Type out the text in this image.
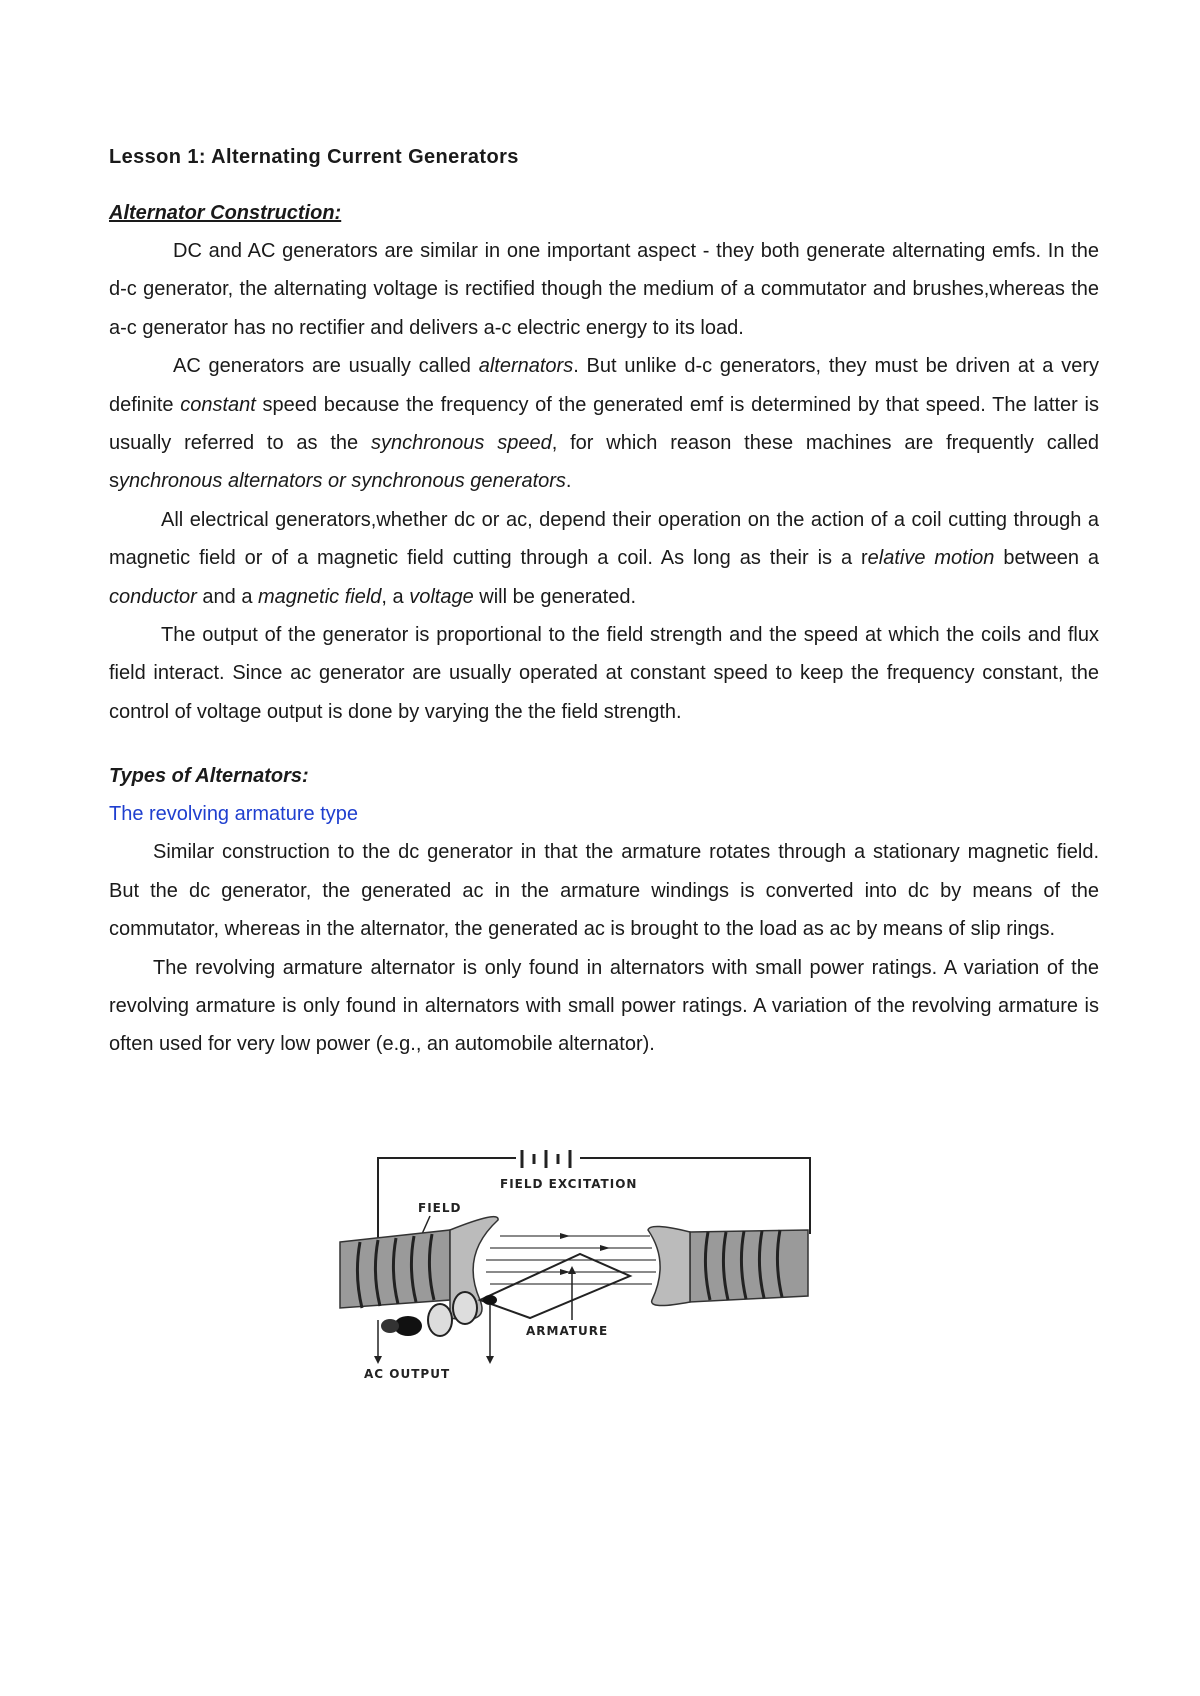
Lesson 1: Alternating Current Generators
Alternator Construction:

DC and AC generators are similar in one important aspect - they both generate alternating emfs. In the d-c generator, the alternating voltage is rectified though the medium of a commutator and brushes,whereas the a-c generator has no rectifier and delivers a-c electric energy to its load.

AC generators are usually called alternators. But unlike d-c generators, they must be driven at a very definite constant speed because the frequency of the generated emf is determined by that speed. The latter is usually referred to as the synchronous speed, for which reason these machines are frequently called synchronous alternators or synchronous generators.

All electrical generators,whether dc or ac, depend their operation on the action of a coil cutting through a magnetic field or of a magnetic field cutting through a coil. As long as their is a relative motion between a conductor and a magnetic field, a voltage will be generated.

The output of the generator is proportional to the field strength and the speed at which the coils and flux field interact. Since ac generator are usually operated at constant speed to keep the frequency constant, the control of voltage output is done by varying the the field strength.

Types of Alternators:
The revolving armature type

Similar construction to the dc generator in that the armature rotates through a stationary magnetic field. But the dc generator, the generated ac in the armature windings is converted into dc by means of the commutator, whereas in the alternator, the generated ac is brought to the load as ac by means of slip rings.

The revolving armature alternator is only found in alternators with small power ratings. A variation of the revolving armature is only found in alternators with small power ratings. A variation of the revolving armature is often used for very low power (e.g., an automobile alternator).

FIELD EXCITATION
FIELD
ARMATURE
AC OUTPUT
